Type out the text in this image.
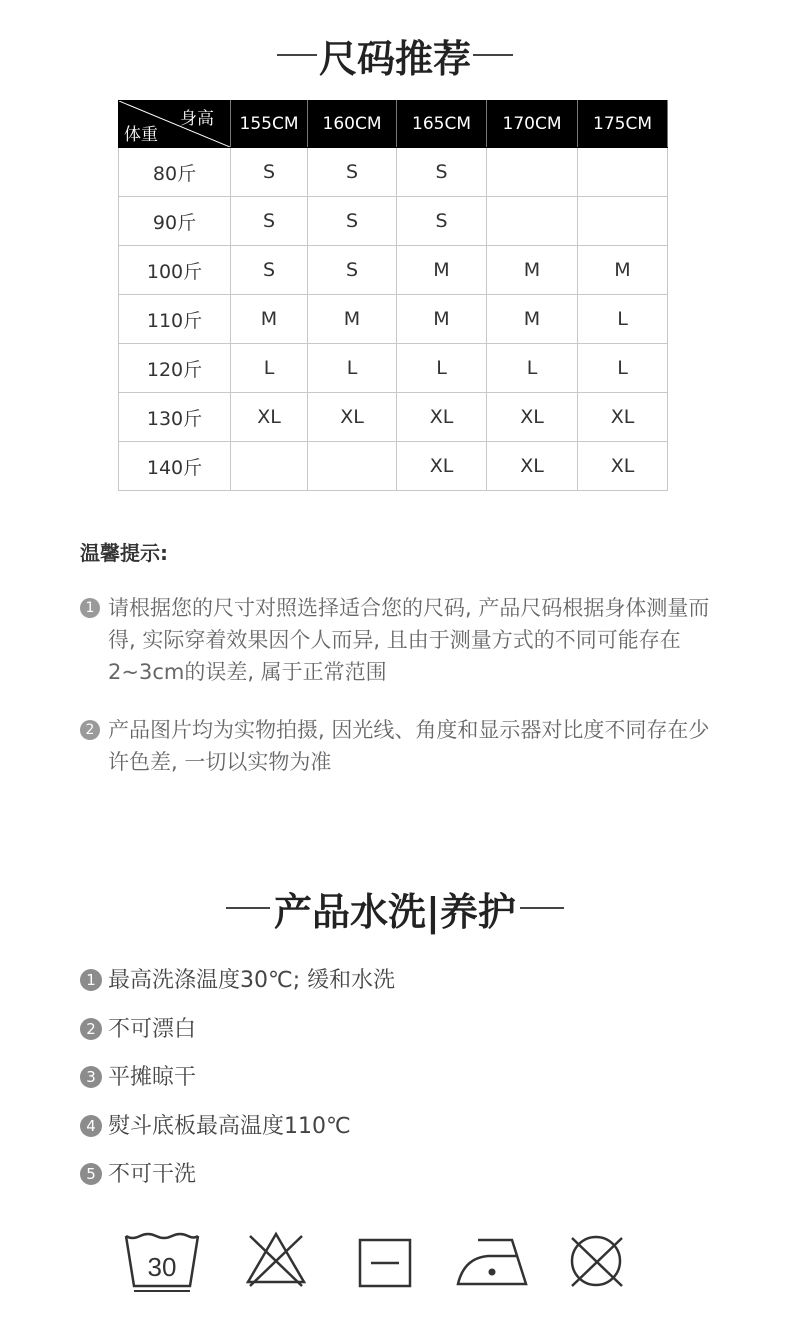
尺码推荐
身高
体重	155CM	160CM	165CM	170CM	175CM
80斤	S	S	S		
90斤	S	S	S		
100斤	S	S	M	M	M
110斤	M	M	M	M	L
120斤	L	L	L	L	L
130斤	XL	XL	XL	XL	XL
140斤			XL	XL	XL
温馨提示:
1 请根据您的尺寸对照选择适合您的尺码, 产品尺码根据身体测量而得, 实际穿着效果因个人而异, 且由于测量方式的不同可能存在2~3cm的误差, 属于正常范围
2 产品图片均为实物拍摄, 因光线、角度和显示器对比度不同存在少许色差, 一切以实物为准
产品水洗|养护
1 最高洗涤温度30℃; 缓和水洗
2 不可漂白
3 平摊晾干
4 熨斗底板最高温度110℃
5 不可干洗
30
